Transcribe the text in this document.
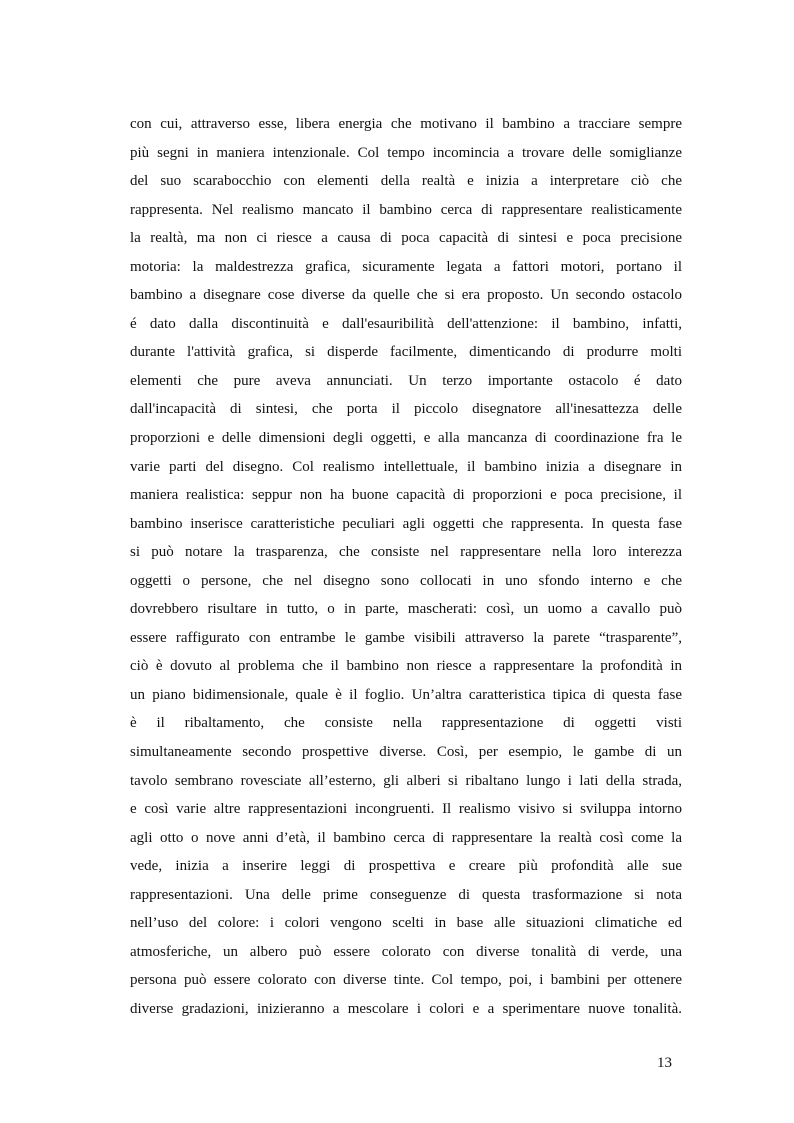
con cui, attraverso esse, libera energia che motivano il bambino a tracciare sempre
più segni in maniera intenzionale. Col tempo incomincia a trovare delle somiglianze
del suo scarabocchio con elementi della realtà e inizia a interpretare ciò che
rappresenta. Nel realismo mancato il bambino cerca di rappresentare realisticamente
la realtà, ma non ci riesce a causa di poca capacità di sintesi e poca precisione
motoria: la maldestrezza grafica, sicuramente legata a fattori motori, portano il
bambino a disegnare cose diverse da quelle che si era proposto. Un secondo ostacolo
é dato dalla discontinuità e dall'esauribilità dell'attenzione: il bambino, infatti,
durante l'attività grafica, si disperde facilmente, dimenticando di produrre molti
elementi che pure aveva annunciati. Un terzo importante ostacolo é dato
dall'incapacità di sintesi, che porta il piccolo disegnatore all'inesattezza delle
proporzioni e delle dimensioni degli oggetti, e alla mancanza di coordinazione fra le
varie parti del disegno. Col realismo intellettuale, il bambino inizia a disegnare in
maniera realistica: seppur non ha buone capacità di proporzioni e poca precisione, il
bambino inserisce caratteristiche peculiari agli oggetti che rappresenta. In questa fase
si può notare la trasparenza, che consiste nel rappresentare nella loro interezza
oggetti o persone, che nel disegno sono collocati in uno sfondo interno e che
dovrebbero risultare in tutto, o in parte, mascherati: così, un uomo a cavallo può
essere raffigurato con entrambe le gambe visibili attraverso la parete “trasparente”,
ciò è dovuto al problema che il bambino non riesce a rappresentare la profondità in
un piano bidimensionale, quale è il foglio. Un’altra caratteristica tipica di questa fase
è il ribaltamento, che consiste nella rappresentazione di oggetti visti
simultaneamente secondo prospettive diverse. Così, per esempio, le gambe di un
tavolo sembrano rovesciate all’esterno, gli alberi si ribaltano lungo i lati della strada,
e così varie altre rappresentazioni incongruenti. Il realismo visivo si sviluppa intorno
agli otto o nove anni d’età, il bambino cerca di rappresentare la realtà così come la
vede, inizia a inserire leggi di prospettiva e creare più profondità alle sue
rappresentazioni. Una delle prime conseguenze di questa trasformazione si nota
nell’uso del colore: i colori vengono scelti in base alle situazioni climatiche ed
atmosferiche, un albero può essere colorato con diverse tonalità di verde, una
persona può essere colorato con diverse tinte. Col tempo, poi, i bambini per ottenere
diverse gradazioni, inizieranno a mescolare i colori e a sperimentare nuove tonalità.
13
